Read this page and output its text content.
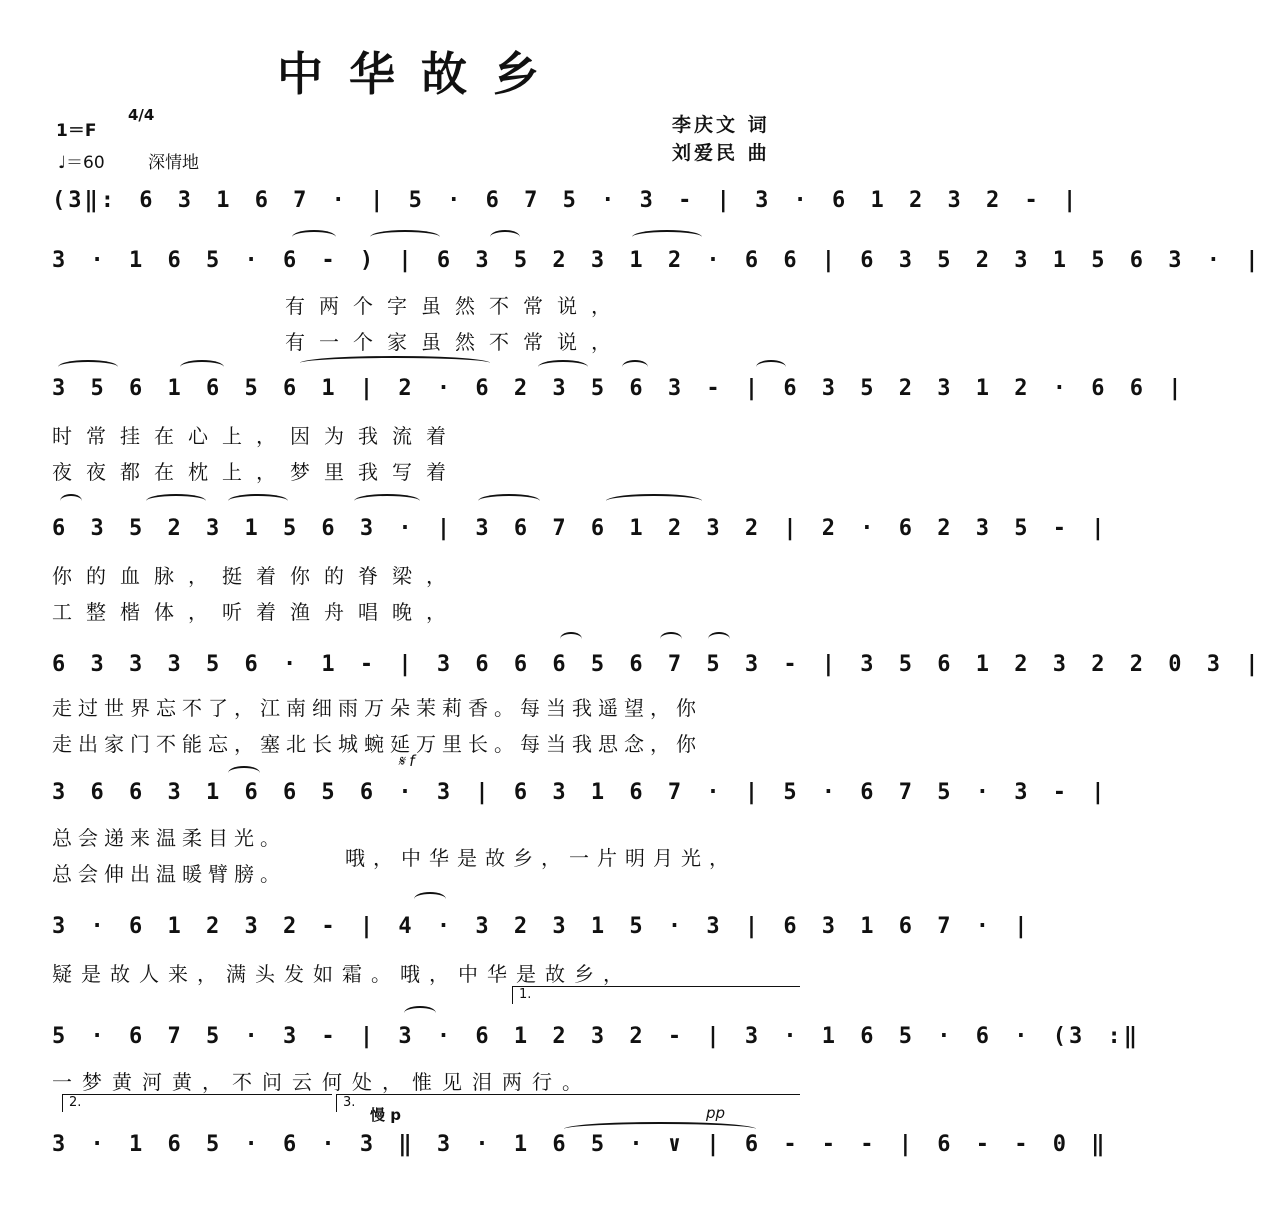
中华故乡
1＝F
4/4
♩＝60	深情地
李庆文 词
刘爱民 曲
(3‖: 6 3 1 6 7 · | 5 · 6 7 5 · 3 - | 3 · 6 1 2 3 2 - |
3 · 1 6 5 · 6 - ) | 6 3 5 2 3 1 2 · 6 6 | 6 3 5 2 3 1 5 6 3 · |
有两个字虽然不常说，
有一个家虽然不常说，
3 5 6 1 6 5 6 1 | 2 · 6 2 3 5 6 3 - | 6 3 5 2 3 1 2 · 6 6 |
时常挂在心上，因为我流着
夜夜都在枕上，梦里我写着
6 3 5 2 3 1 5 6 3 · | 3 6 7 6 1 2 3 2 | 2 · 6 2 3 5 - |
你的血脉，挺着你的脊梁，
工整楷体，听着渔舟唱晚，
6 3 3 3 5 6 · 1 - | 3 6 6 6 5 6 7 5 3 - | 3 5 6 1 2 3 2 2 0 3 |
走过世界忘不了，江南细雨万朵茉莉香。每当我遥望，你
走出家门不能忘，塞北长城蜿延万里长。每当我思念，你
𝄋 f
3 6 6 3 1 6 6 5 6 · 3 | 6 3 1 6 7 · | 5 · 6 7 5 · 3 - |
总会递来温柔目光。
总会伸出温暖臂膀。
哦，中华是故乡，一片明月光，
3 · 6 1 2 3 2 - | 4 · 3 2 3 1 5 · 3 | 6 3 1 6 7 · |
疑是故人来，满头发如霜。哦，中华是故乡，
1.
5 · 6 7 5 · 3 - | 3 · 6 1 2 3 2 - | 3 · 1 6 5 · 6 · (3 :‖
一梦黄河黄，不问云何处，惟见泪两行。
2.	3.
慢 p	pp
3 · 1 6 5 · 6 · 3 ‖ 3 · 1 6 5 · ∨ | 6 - - - | 6 - - 0 ‖
